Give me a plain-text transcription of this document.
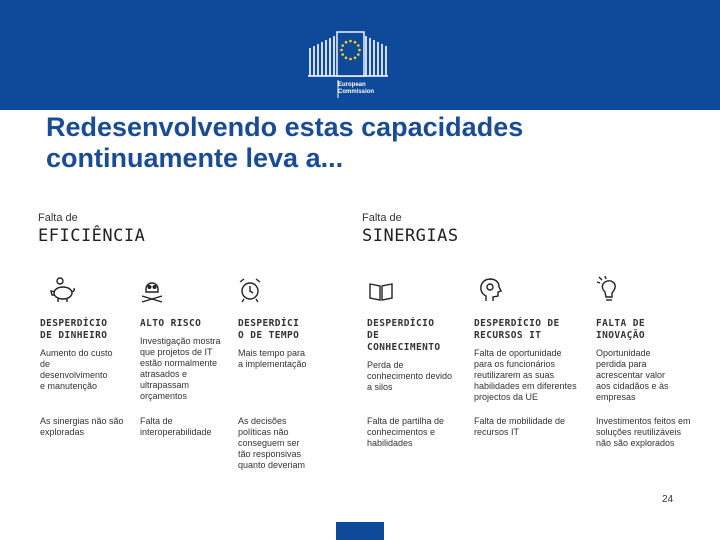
European
Commission
Redesenvolvendo estas capacidades
continuamente leva a...
Falta de
EFICIÊNCIA
Falta de
SINERGIAS
DESPERDÍCIO
DE DINHEIRO
ALTO RISCO	DESPERDÍCI
O DE TEMPO
DESPERDÍCIO
DE
CONHECIMENTO
DESPERDÍCIO DE
RECURSOS IT
FALTA DE
INOVAÇÃO
Aumento do custo
de
desenvolvimento
e manutenção
Investigação mostra
que projetos de IT
estão normalmente
atrasados e
ultrapassam
orçamentos
Mais tempo para
a implementação	Perda de
conhecimento devido
a silos
Falta de oportunidade
para os funcionários
reutilizarem as suas
habilidades em diferentes
projectos da UE
Oportunidade
perdida para
acrescentar valor
aos cidadãos e às
empresas
As sinergias não são
exploradas
Falta de
interoperabilidade
As decisões
políticas não
conseguem ser
tão responsivas
quanto deveriam
Falta de partilha de
conhecimentos e
habilidades
Falta de mobilidade de
recursos IT
Investimentos feitos em
soluções reutilizáveis
não são explorados
24
